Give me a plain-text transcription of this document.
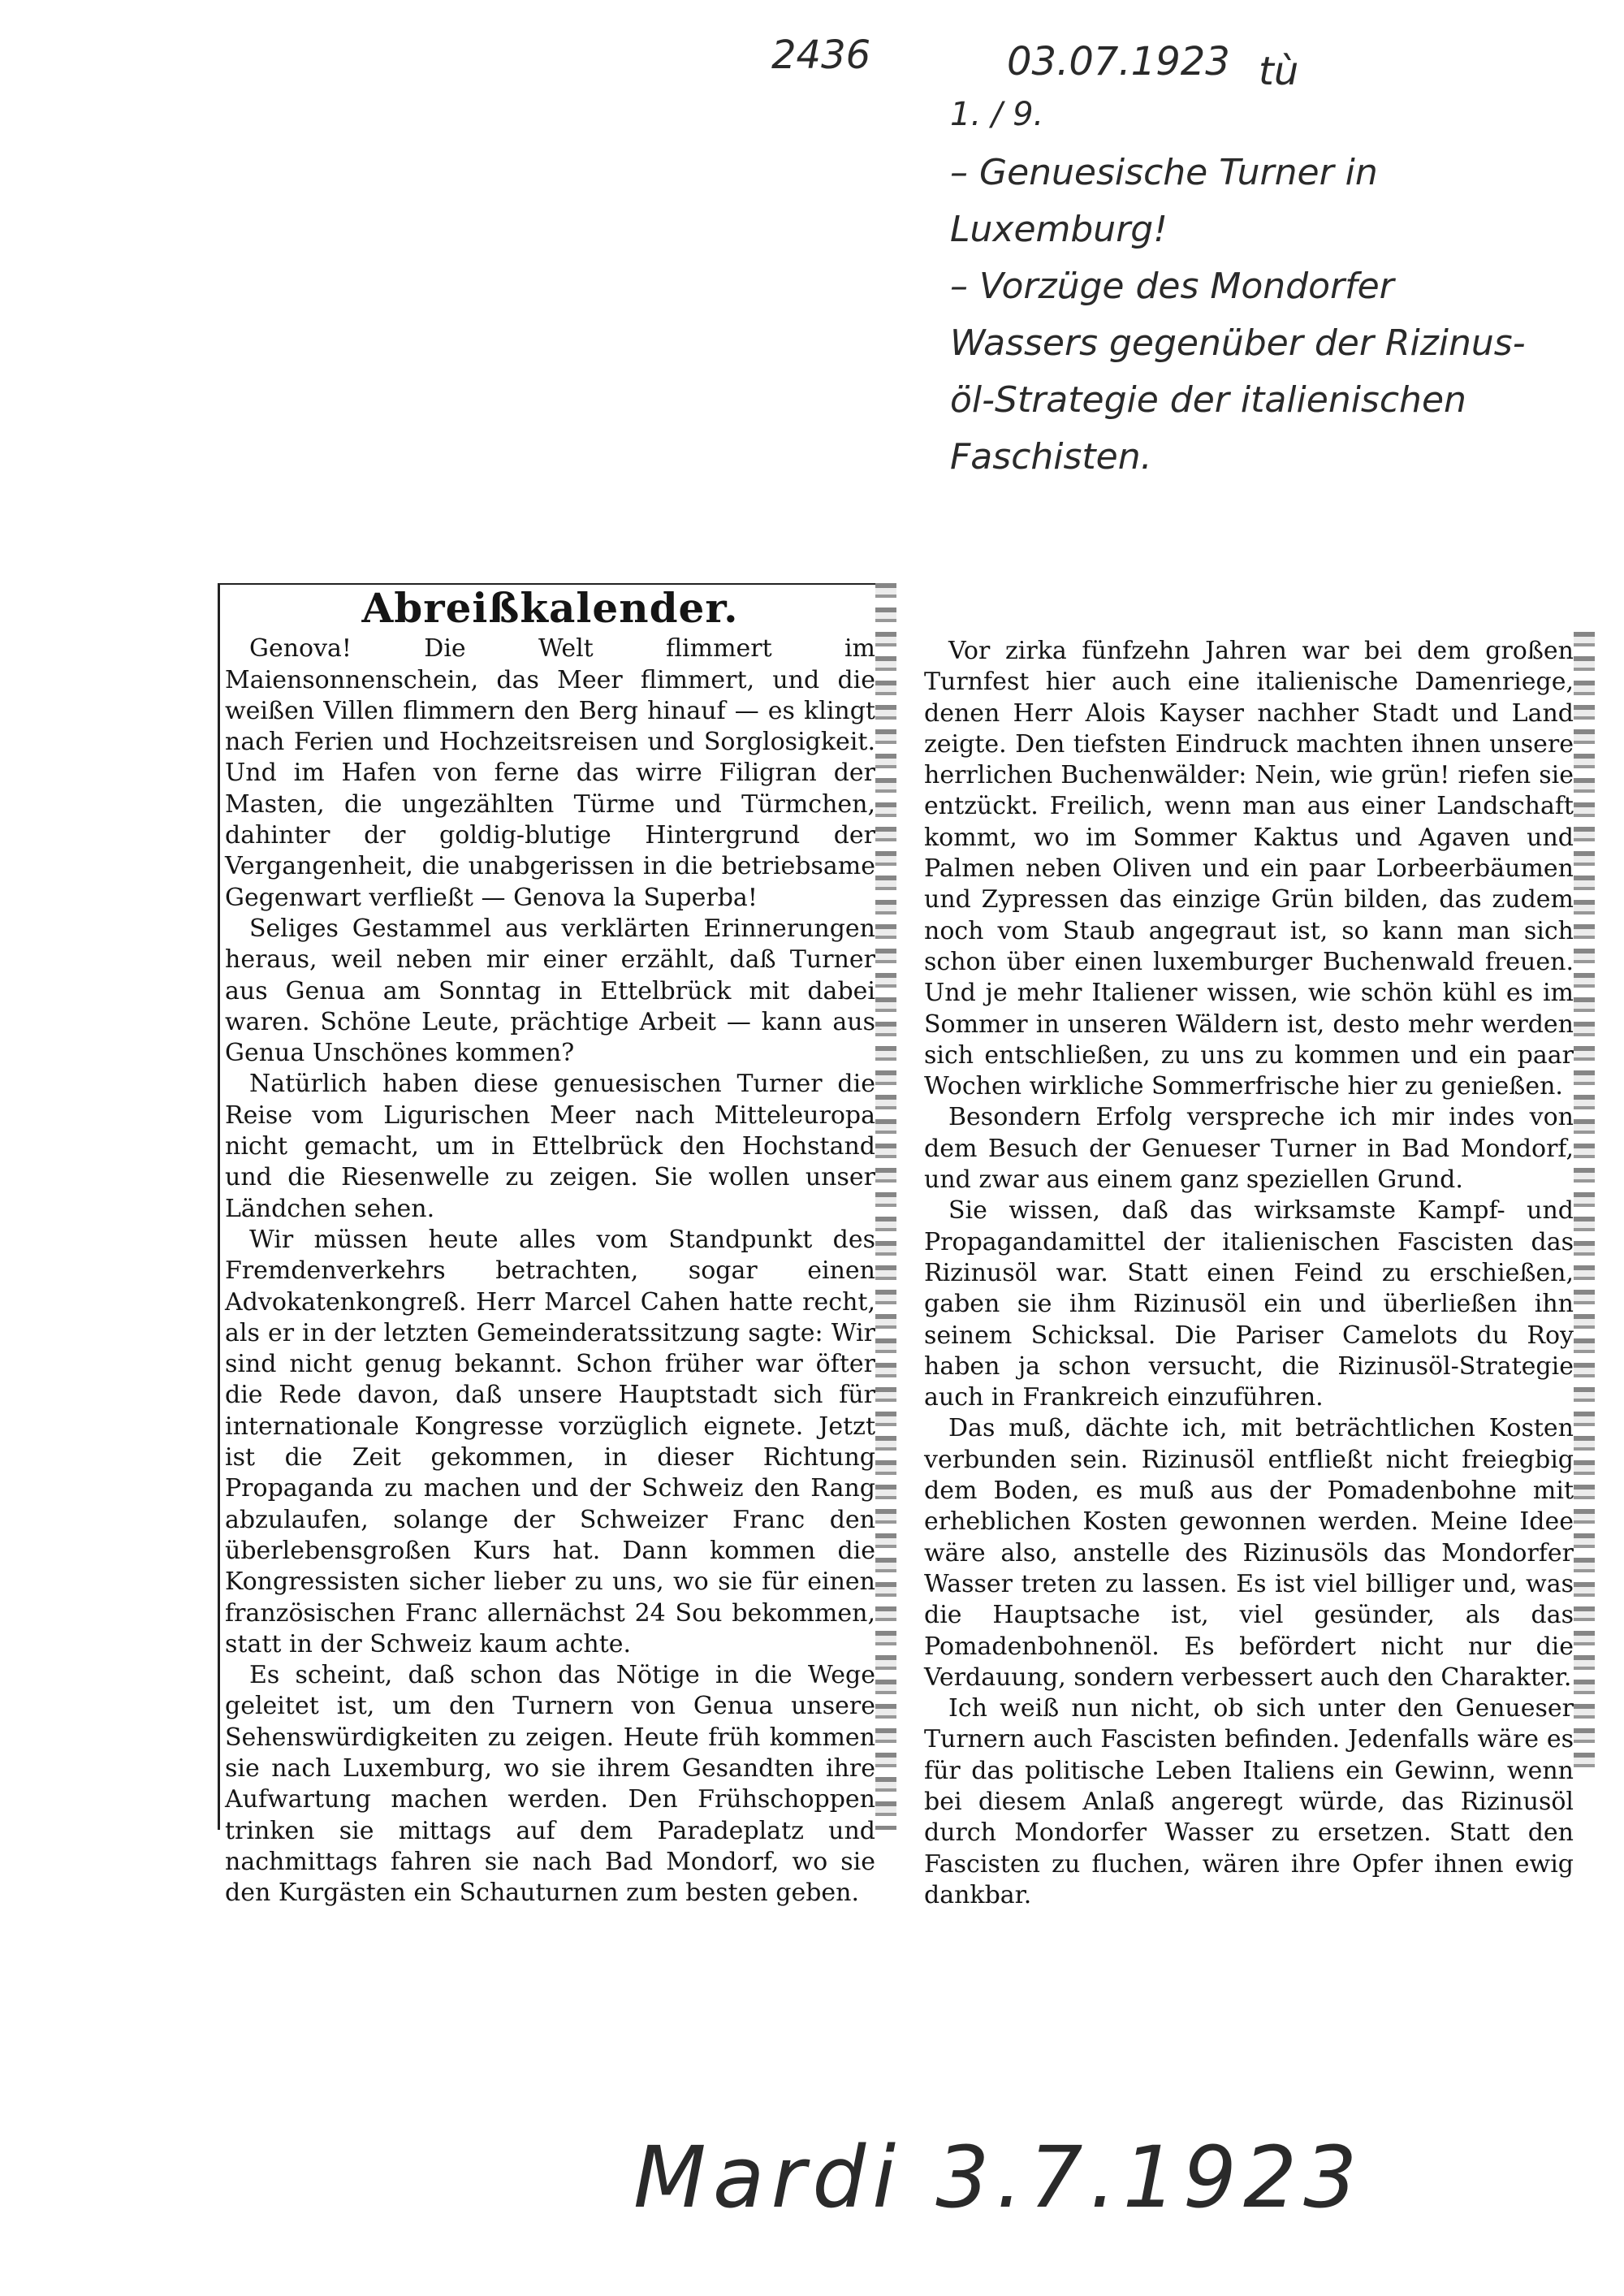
2436	03.07.1923 tù
1. / 9.
– Genuesische Turner in
Luxemburg!
– Vorzüge des Mondorfer
Wassers gegenüber der Rizinus-
öl-Strategie der italienischen
Faschisten.
Abreißkalender.

Genova! Die Welt flimmert im Maiensonnenschein, das Meer flimmert, und die weißen Villen flimmern den Berg hinauf — es klingt nach Ferien und Hochzeitsreisen und Sorglosigkeit. Und im Hafen von ferne das wirre Filigran der Masten, die ungezählten Türme und Türmchen, dahinter der goldig-blutige Hintergrund der Vergangenheit, die unabgerissen in die betriebsame Gegenwart verfließt — Genova la Superba!

Seliges Gestammel aus verklärten Erinnerungen heraus, weil neben mir einer erzählt, daß Turner aus Genua am Sonntag in Ettelbrück mit dabei waren. Schöne Leute, prächtige Arbeit — kann aus Genua Unschönes kommen?

Natürlich haben diese genuesischen Turner die Reise vom Ligurischen Meer nach Mitteleuropa nicht gemacht, um in Ettelbrück den Hochstand und die Riesenwelle zu zeigen. Sie wollen unser Ländchen sehen.

Wir müssen heute alles vom Standpunkt des Fremdenverkehrs betrachten, sogar einen Advokatenkongreß. Herr Marcel Cahen hatte recht, als er in der letzten Gemeinderatssitzung sagte: Wir sind nicht genug bekannt. Schon früher war öfter die Rede davon, daß unsere Hauptstadt sich für internationale Kongresse vorzüglich eignete. Jetzt ist die Zeit gekommen, in dieser Richtung Propaganda zu machen und der Schweiz den Rang abzulaufen, solange der Schweizer Franc den überlebensgroßen Kurs hat. Dann kommen die Kongressisten sicher lieber zu uns, wo sie für einen französischen Franc allernächst 24 Sou bekommen, statt in der Schweiz kaum achte.

Es scheint, daß schon das Nötige in die Wege geleitet ist, um den Turnern von Genua unsere Sehenswürdigkeiten zu zeigen. Heute früh kommen sie nach Luxemburg, wo sie ihrem Gesandten ihre Aufwartung machen werden. Den Frühschoppen trinken sie mittags auf dem Paradeplatz und nachmittags fahren sie nach Bad Mondorf, wo sie den Kurgästen ein Schauturnen zum besten geben.

Vor zirka fünfzehn Jahren war bei dem großen Turnfest hier auch eine italienische Damenriege, denen Herr Alois Kayser nachher Stadt und Land zeigte. Den tiefsten Eindruck machten ihnen unsere herrlichen Buchenwälder: Nein, wie grün! riefen sie entzückt. Freilich, wenn man aus einer Landschaft kommt, wo im Sommer Kaktus und Agaven und Palmen neben Oliven und ein paar Lorbeerbäumen und Zypressen das einzige Grün bilden, das zudem noch vom Staub angegraut ist, so kann man sich schon über einen luxemburger Buchenwald freuen. Und je mehr Italiener wissen, wie schön kühl es im Sommer in unseren Wäldern ist, desto mehr werden sich entschließen, zu uns zu kommen und ein paar Wochen wirkliche Sommerfrische hier zu genießen.

Besondern Erfolg verspreche ich mir indes von dem Besuch der Genueser Turner in Bad Mondorf, und zwar aus einem ganz speziellen Grund.

Sie wissen, daß das wirksamste Kampf- und Propagandamittel der italienischen Fascisten das Rizinusöl war. Statt einen Feind zu erschießen, gaben sie ihm Rizinusöl ein und überließen ihn seinem Schicksal. Die Pariser Camelots du Roy haben ja schon versucht, die Rizinusöl-Strategie auch in Frankreich einzuführen.

Das muß, dächte ich, mit beträchtlichen Kosten verbunden sein. Rizinusöl entfließt nicht freiegbig dem Boden, es muß aus der Pomadenbohne mit erheblichen Kosten gewonnen werden. Meine Idee wäre also, anstelle des Rizinusöls das Mondorfer Wasser treten zu lassen. Es ist viel billiger und, was die Hauptsache ist, viel gesünder, als das Pomadenbohnenöl. Es befördert nicht nur die Verdauung, sondern verbessert auch den Charakter.

Ich weiß nun nicht, ob sich unter den Genueser Turnern auch Fascisten befinden. Jedenfalls wäre es für das politische Leben Italiens ein Gewinn, wenn bei diesem Anlaß angeregt würde, das Rizinusöl durch Mondorfer Wasser zu ersetzen. Statt den Fascisten zu fluchen, wären ihre Opfer ihnen ewig dankbar.

Mardi 3.7.1923
